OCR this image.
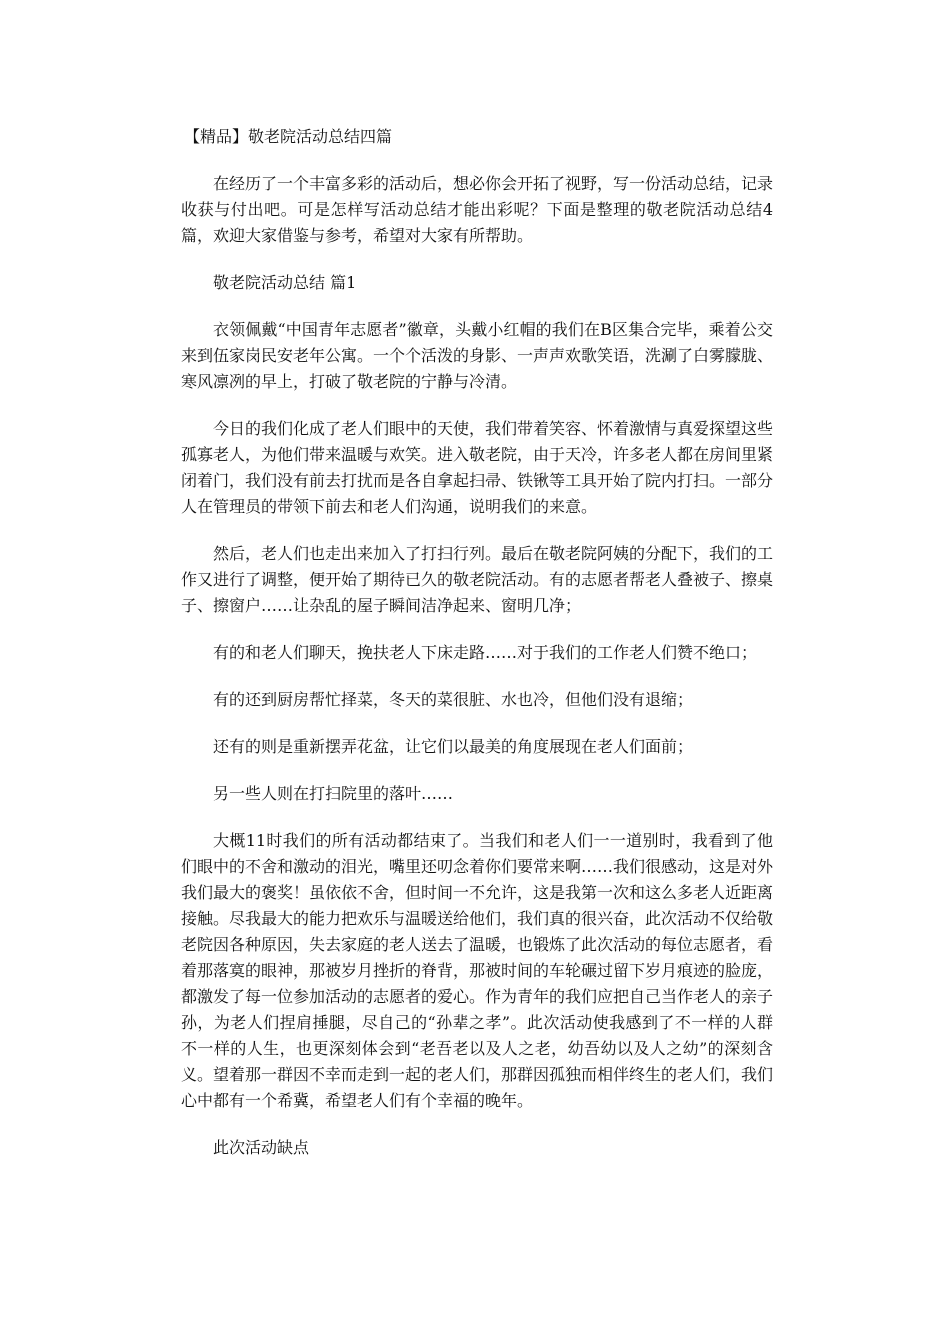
【精品】敬老院活动总结四篇

在经历了一个丰富多彩的活动后，想必你会开拓了视野，写一份活动总结，记录收获与付出吧。可是怎样写活动总结才能出彩呢？下面是整理的敬老院活动总结4篇，欢迎大家借鉴与参考，希望对大家有所帮助。

敬老院活动总结 篇1

衣领佩戴“中国青年志愿者”徽章，头戴小红帽的我们在B区集合完毕，乘着公交来到伍家岗民安老年公寓。一个个活泼的身影、一声声欢歌笑语，洗涮了白雾朦胧、寒风凛冽的早上，打破了敬老院的宁静与冷清。

今日的我们化成了老人们眼中的天使，我们带着笑容、怀着激情与真爱探望这些孤寡老人，为他们带来温暖与欢笑。进入敬老院，由于天冷，许多老人都在房间里紧闭着门，我们没有前去打扰而是各自拿起扫帚、铁锹等工具开始了院内打扫。一部分人在管理员的带领下前去和老人们沟通，说明我们的来意。

然后，老人们也走出来加入了打扫行列。最后在敬老院阿姨的分配下，我们的工作又进行了调整，便开始了期待已久的敬老院活动。有的志愿者帮老人叠被子、擦桌子、擦窗户……让杂乱的屋子瞬间洁净起来、窗明几净；

有的和老人们聊天，挽扶老人下床走路……对于我们的工作老人们赞不绝口；

有的还到厨房帮忙择菜，冬天的菜很脏、水也冷，但他们没有退缩；

还有的则是重新摆弄花盆，让它们以最美的角度展现在老人们面前；

另一些人则在打扫院里的落叶……

大概11时我们的所有活动都结束了。当我们和老人们一一道别时，我看到了他们眼中的不舍和激动的泪光，嘴里还叨念着你们要常来啊……我们很感动，这是对外我们最大的褒奖！虽依依不舍，但时间一不允许，这是我第一次和这么多老人近距离接触。尽我最大的能力把欢乐与温暖送给他们，我们真的很兴奋，此次活动不仅给敬老院因各种原因，失去家庭的老人送去了温暖，也锻炼了此次活动的每位志愿者，看着那落寞的眼神，那被岁月挫折的脊背，那被时间的车轮碾过留下岁月痕迹的脸庞，都激发了每一位参加活动的志愿者的爱心。作为青年的我们应把自己当作老人的亲子孙，为老人们捏肩捶腿，尽自己的“孙辈之孝”。此次活动使我感到了不一样的人群不一样的人生，也更深刻体会到“老吾老以及人之老，幼吾幼以及人之幼”的深刻含义。望着那一群因不幸而走到一起的老人们，那群因孤独而相伴终生的老人们，我们心中都有一个希冀，希望老人们有个幸福的晚年。

此次活动缺点
